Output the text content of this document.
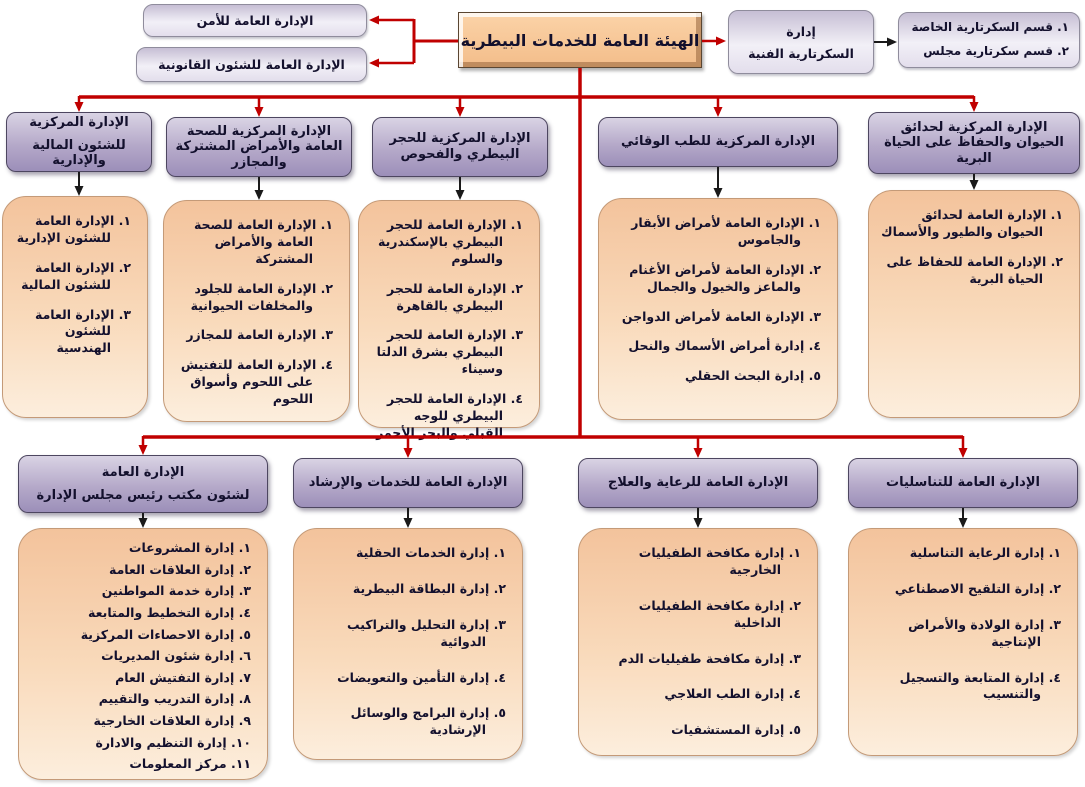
الهيئة العامة للخدمات البيطرية
الإدارة العامة للأمن
الإدارة العامة للشئون القانونية
إدارة
السكرتارية الفنية
١. قسم السكرتارية الخاصة
٢. قسم سكرتارية مجلس
الإدارة المركزية
للشئون المالية والإدارية
الإدارة المركزية للصحة العامة والأمراض المشتركة والمجازر
الإدارة المركزية للحجر البيطري والفحوص
الإدارة المركزية للطب الوقائي
الإدارة المركزية لحدائق الحيوان والحفاظ على الحياة البرية
١. الإدارة العامة للشئون الإدارية
٢. الإدارة العامة للشئون المالية
٣. الإدارة العامة للشئون الهندسية
١. الإدارة العامة للصحة العامة والأمراض المشتركة
٢. الإدارة العامة للجلود والمخلفات الحيوانية
٣. الإدارة العامة للمجازر
٤. الإدارة العامة للتفتيش على اللحوم وأسواق اللحوم
١. الإدارة العامة للحجر البيطري بالإسكندرية والسلوم
٢. الإدارة العامة للحجر البيطري بالقاهرة
٣. الإدارة العامة للحجر البيطري بشرق الدلتا وسيناء
٤. الإدارة العامة للحجر البيطري للوجه القبلي والبحر الأحمر
١. الإدارة العامة لأمراض الأبقار والجاموس
٢. الإدارة العامة لأمراض الأغنام والماعز والخيول والجمال
٣. الإدارة العامة لأمراض الدواجن
٤. إدارة أمراض الأسماك والنحل
٥. إدارة البحث الحقلي
١. الإدارة العامة لحدائق الحيوان والطيور والأسماك
٢. الإدارة العامة للحفاظ على الحياة البرية
الإدارة العامة
لشئون مكتب رئيس مجلس الإدارة
الإدارة العامة للخدمات والإرشاد	الإدارة العامة للرعاية والعلاج	الإدارة العامة للتناسليات
١. إدارة المشروعات
٢. إدارة العلاقات العامة
٣. إدارة خدمة المواطنين
٤. إدارة التخطيط والمتابعة
٥. إدارة الاحصاءات المركزية
٦. إدارة شئون المديريات
٧. إدارة التفتيش العام
٨. إدارة التدريب والتقييم
٩. إدارة العلاقات الخارجية
١٠. إدارة التنظيم والادارة
١١. مركز المعلومات
١. إدارة الخدمات الحقلية
٢. إدارة البطاقة البيطرية
٣. إدارة التحليل والتراكيب الدوائية
٤. إدارة التأمين والتعويضات
٥. إدارة البرامج والوسائل الإرشادية
١. إدارة مكافحة الطفيليات الخارجية
٢. إدارة مكافحة الطفيليات الداخلية
٣. إدارة مكافحة طفيليات الدم
٤. إدارة الطب العلاجي
٥. إدارة المستشفيات
١. إدارة الرعاية التناسلية
٢. إدارة التلقيح الاصطناعي
٣. إدارة الولادة والأمراض الإنتاجية
٤. إدارة المتابعة والتسجيل والتنسيب
